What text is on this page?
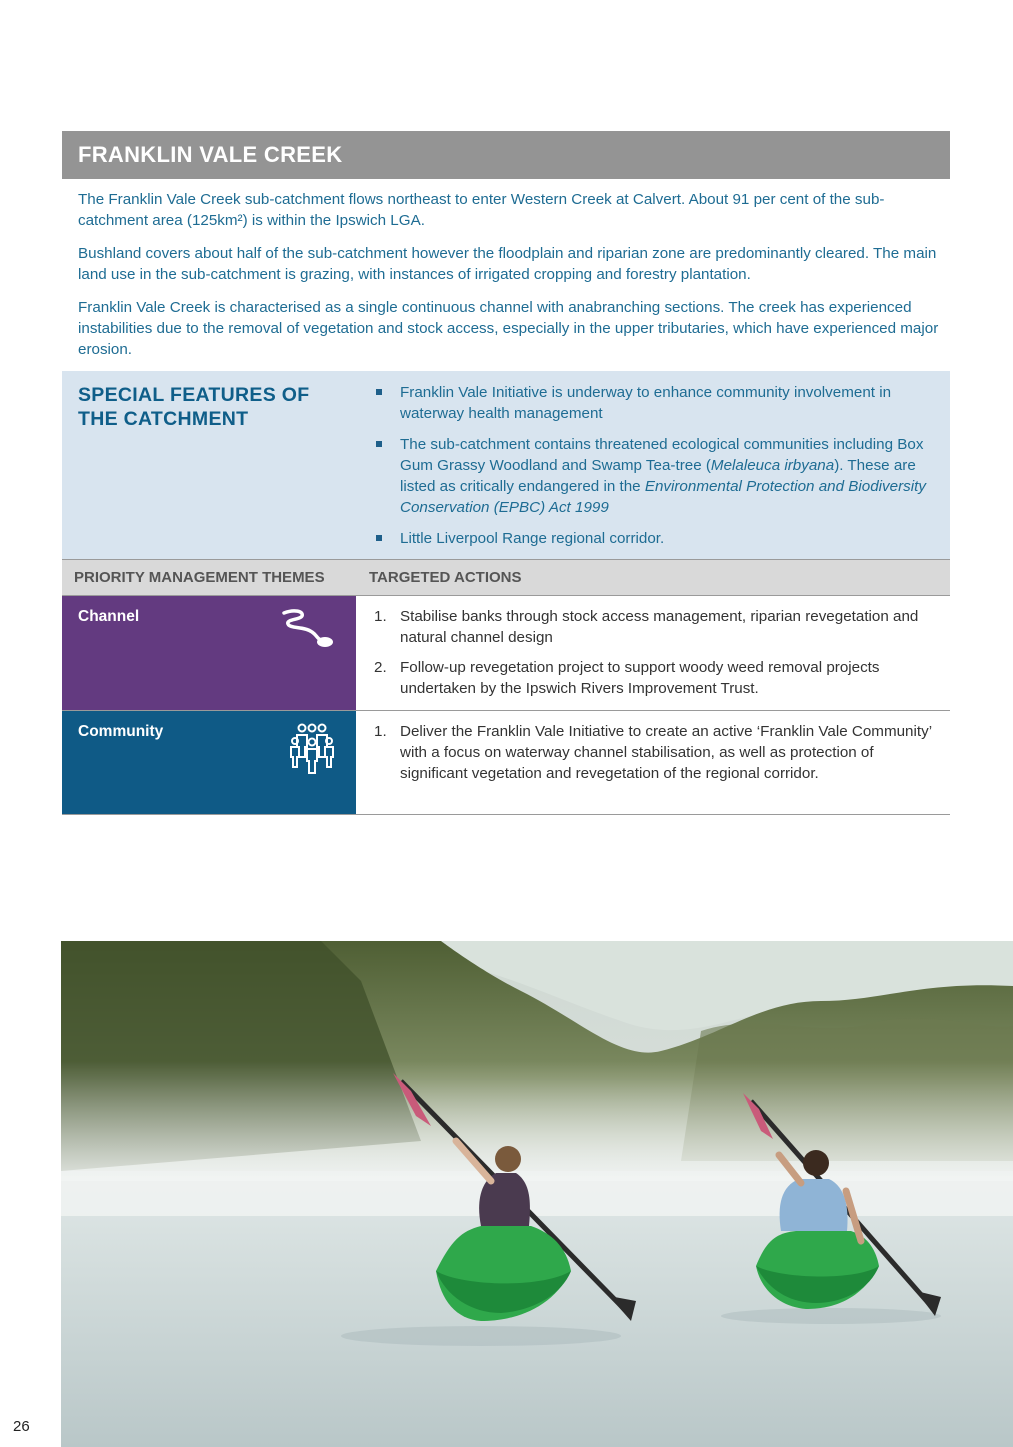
FRANKLIN VALE CREEK

The Franklin Vale Creek sub-catchment flows northeast to enter Western Creek at Calvert. About 91 per cent of the sub-catchment area (125km²) is within the Ipswich LGA.

Bushland covers about half of the sub-catchment however the floodplain and riparian zone are predominantly cleared. The main land use in the sub-catchment is grazing, with instances of irrigated cropping and forestry plantation.

Franklin Vale Creek is characterised as a single continuous channel with anabranching sections. The creek has experienced instabilities due to the removal of vegetation and stock access, especially in the upper tributaries, which have experienced major erosion.

SPECIAL FEATURES OF THE CATCHMENT
Franklin Vale Initiative is underway to enhance community involvement in waterway health management
The sub-catchment contains threatened ecological communities including Box Gum Grassy Woodland and Swamp Tea-tree (Melaleuca irbyana). These are listed as critically endangered in the Environmental Protection and Biodiversity Conservation (EPBC) Act 1999
Little Liverpool Range regional corridor.
PRIORITY MANAGEMENT THEMES	TARGETED ACTIONS
Channel	1. Stabilise banks through stock access management, riparian revegetation and natural channel design
2. Follow-up revegetation project to support woody weed removal projects undertaken by the Ipswich Rivers Improvement Trust.
Community	1. Deliver the Franklin Vale Initiative to create an active ‘Franklin Vale Community’ with a focus on waterway channel stabilisation, as well as protection of significant vegetation and revegetation of the regional corridor.
26
